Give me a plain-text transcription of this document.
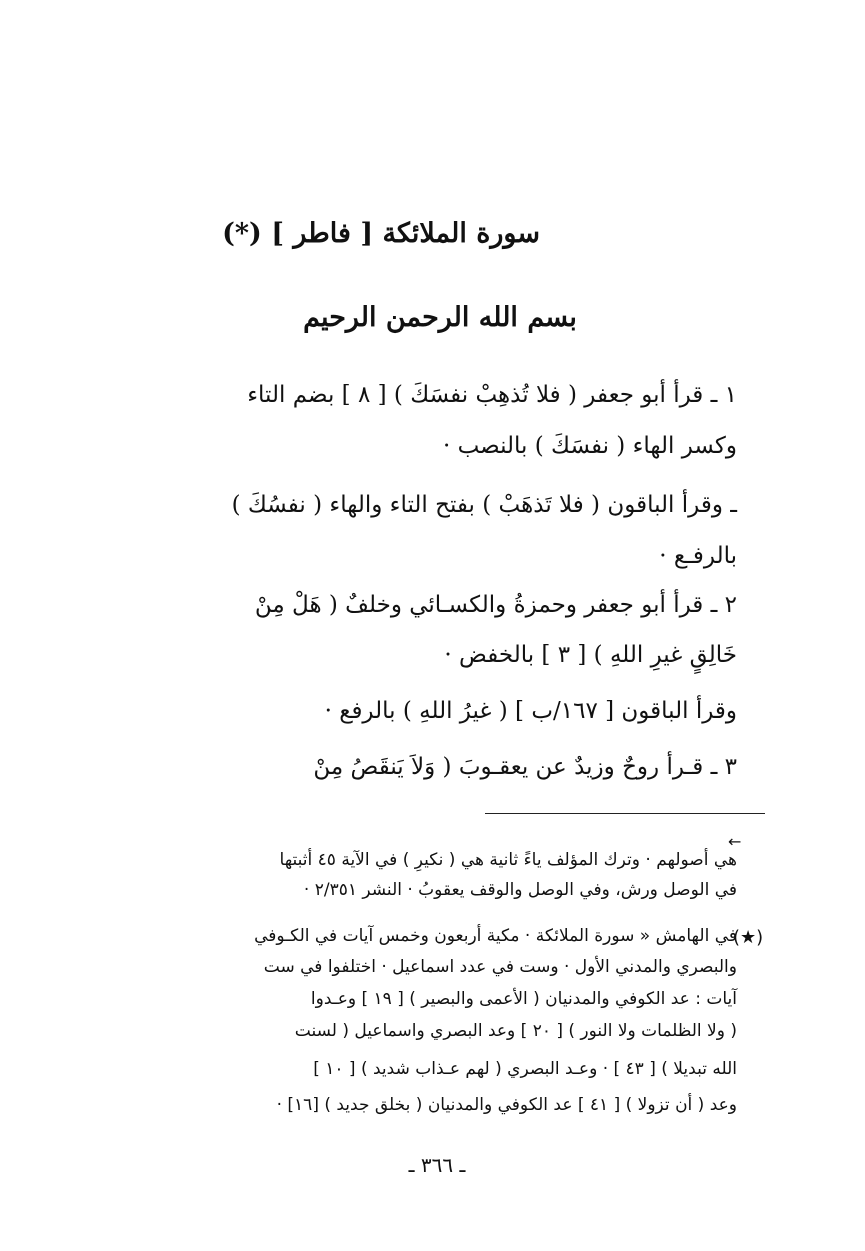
سورة الملائكة [ فاطر ] (*)
بسم الله الرحمن الرحيم
١ ـ قرأ أبو جعفر ( فلا تُذهِبْ نفسَكَ ) [ ٨ ] بضم التاء
وكسر الهاء ( نفسَكَ ) بالنصب ·
ـ وقرأ الباقون ( فلا تَذهَبْ ) بفتح التاء والهاء ( نفسُكَ )
بالرفـع ·
٢ ـ قرأ أبو جعفر وحمزةُ والكسـائي وخلفٌ ( هَلْ مِنْ
خَالِقٍ غيرِ اللهِ ) [ ٣ ] بالخفض ·
وقرأ الباقون [ ١٦٧/ب ] ( غيرُ اللهِ ) بالرفع ·
٣ ـ قـرأ روحٌ وزيدٌ عن يعقـوبَ ( وَلاَ يَنقَصُ مِنْ
←
هي أصولهم · وترك المؤلف ياءً ثانية هي ( نكيرِ ) في الآية ٤٥ أثبتها
في الوصل ورش، وفي الوصل والوقف يعقوبُ · النشر ٢/٣٥١ ·
(★)
في الهامش « سورة الملائكة · مكية أربعون وخمس آيات في الكـوفي
والبصري والمدني الأول · وست في عدد اسماعيل · اختلفوا في ست
آيات : عد الكوفي والمدنيان ( الأعمى والبصير ) [ ١٩ ] وعـدوا
( ولا الظلمات ولا النور ) [ ٢٠ ] وعد البصري واسماعيل ( لسنت
الله تبديلا ) [ ٤٣ ] · وعـد البصري ( لهم عـذاب شديد ) [ ١٠ ]
وعد ( أن تزولا ) [ ٤١ ] عد الكوفي والمدنيان ( بخلق جديد ) [١٦] ·
ـ ٣٦٦ ـ
